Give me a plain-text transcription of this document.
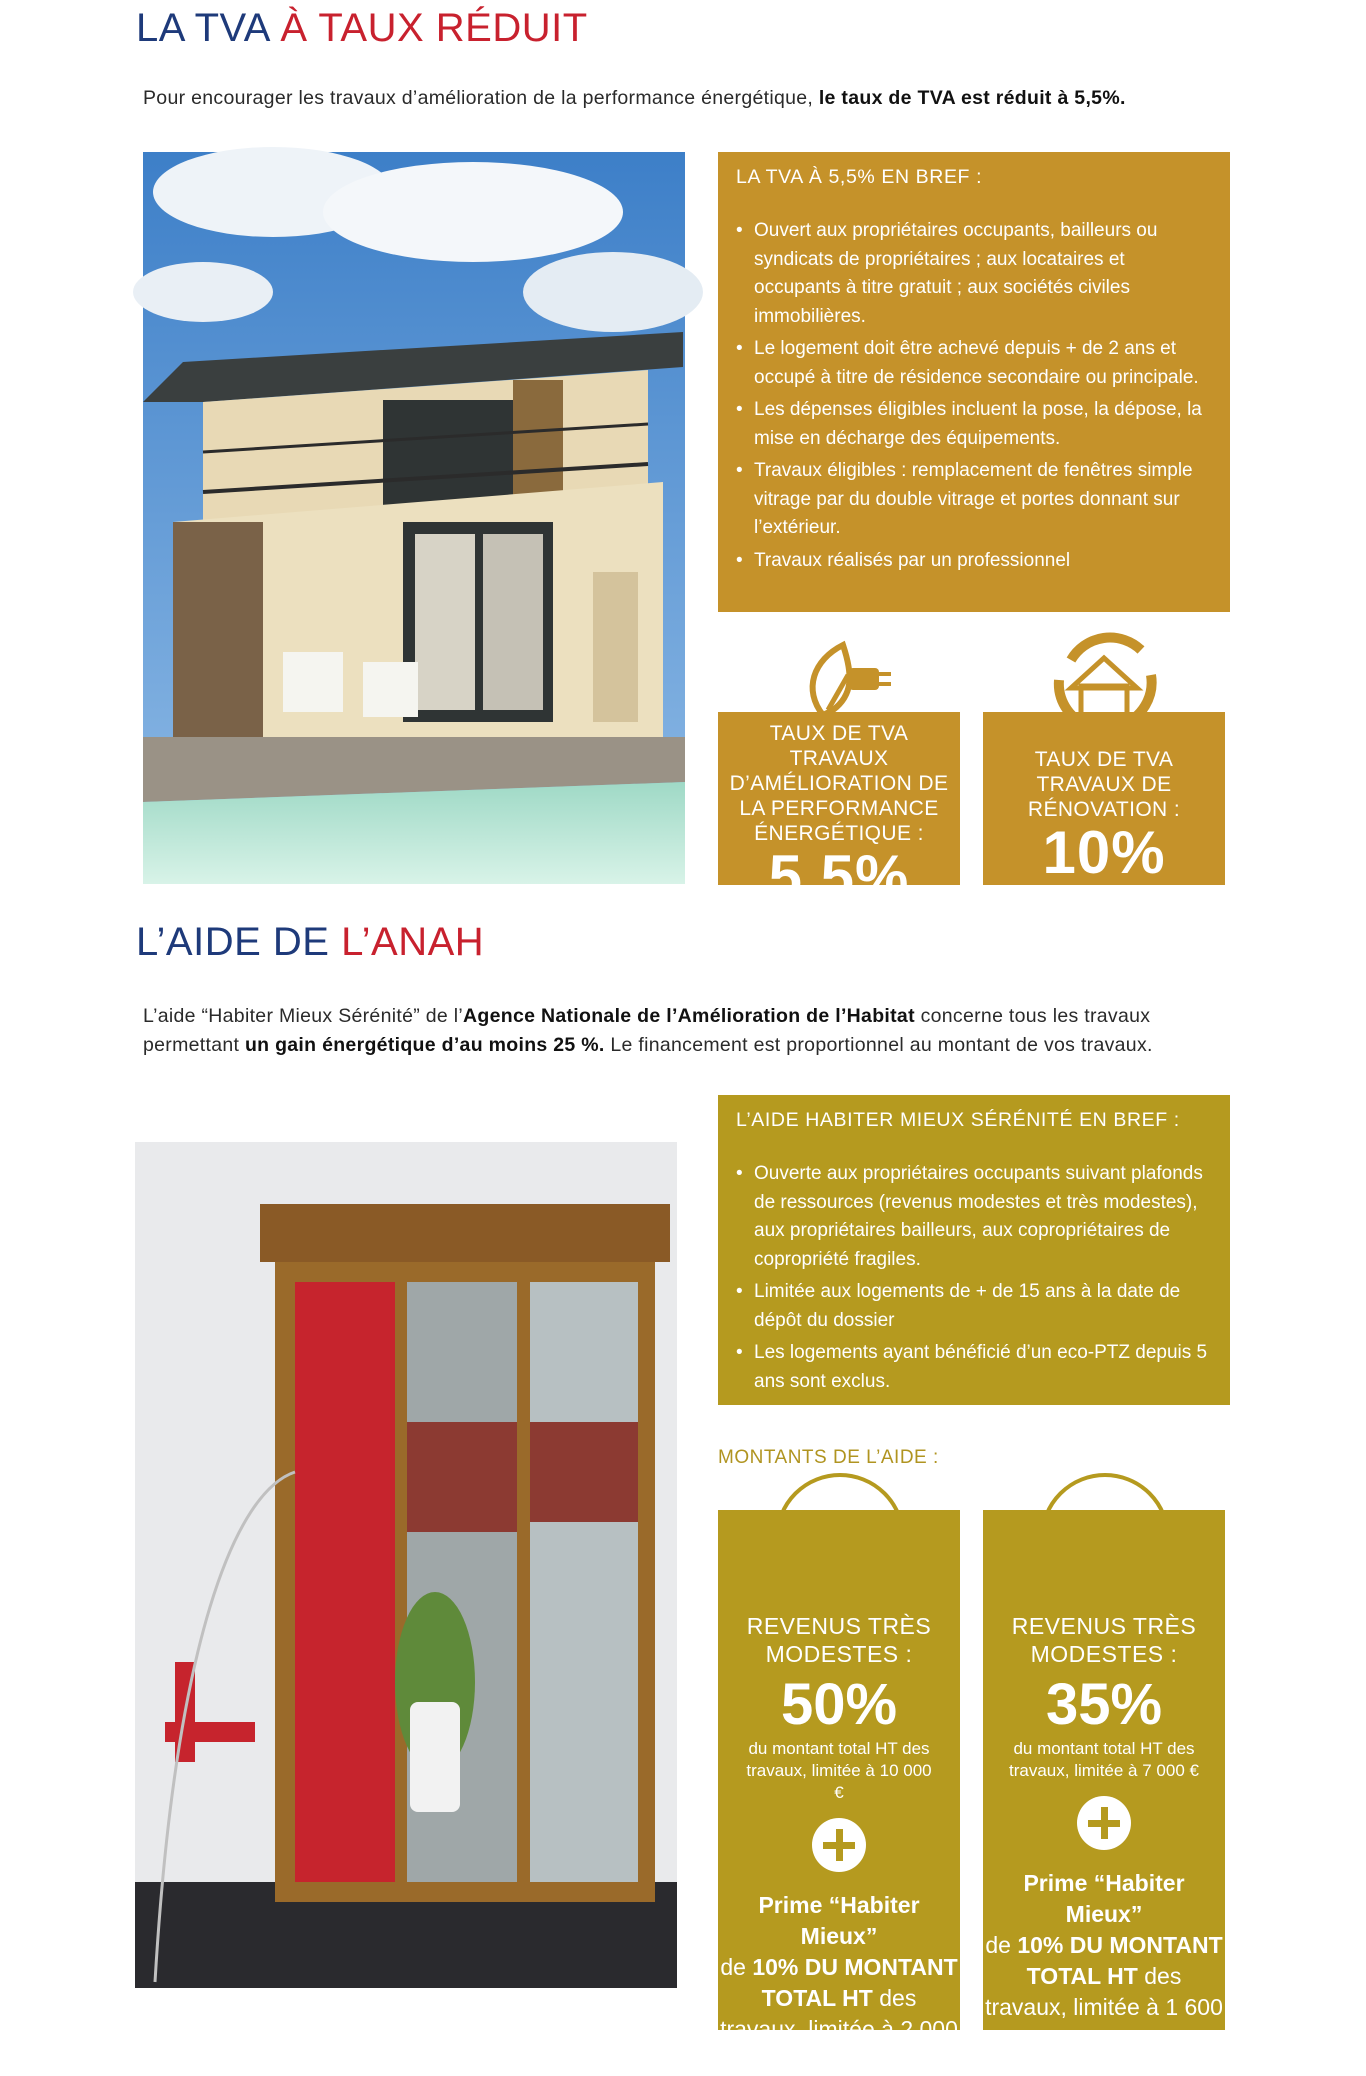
LA TVA À TAUX RÉDUIT

Pour encourager les travaux d’amélioration de la performance énergétique, le taux de TVA est réduit à 5,5%.

LA TVA À 5,5% EN BREF :
• Ouvert aux propriétaires occupants, bailleurs ou syndicats de propriétaires ; aux locataires et occupants à titre gratuit ; aux sociétés civiles immobilières.
• Le logement doit être achevé depuis + de 2 ans et occupé à titre de résidence secondaire ou principale.
• Les dépenses éligibles incluent la pose, la dépose, la mise en décharge des équipements.
• Travaux éligibles : remplacement de fenêtres simple vitrage par du double vitrage et portes donnant sur l’extérieur.
• Travaux réalisés par un professionnel
TAUX DE TVA TRAVAUX D’AMÉLIORATION DE LA PERFORMANCE ÉNERGÉTIQUE :
5,5%
TAUX DE TVA TRAVAUX DE RÉNOVATION :
10%
L’AIDE DE L’ANAH

L’aide “Habiter Mieux Sérénité” de l’Agence Nationale de l’Amélioration de l’Habitat concerne tous les travaux permettant un gain énergétique d’au moins 25 %. Le financement est proportionnel au montant de vos travaux.

L’AIDE HABITER MIEUX SÉRÉNITÉ EN BREF :
• Ouverte aux propriétaires occupants suivant plafonds de ressources (revenus modestes et très modestes), aux propriétaires bailleurs, aux copropriétaires de copropriété fragiles.
• Limitée aux logements de + de 15 ans à la date de dépôt du dossier
• Les logements ayant bénéficié d’un eco-PTZ depuis 5 ans sont exclus.
MONTANTS DE L’AIDE :
REVENUS TRÈS MODESTES :
50%
du montant total HT des travaux, limitée à 10 000 €
Prime “Habiter Mieux”
de 10% DU MONTANT TOTAL HT des travaux, limitée à 2 000 €
REVENUS TRÈS MODESTES :
35%
du montant total HT des travaux, limitée à 7 000 €
Prime “Habiter Mieux”
de 10% DU MONTANT TOTAL HT des travaux, limitée à 1 600 €
